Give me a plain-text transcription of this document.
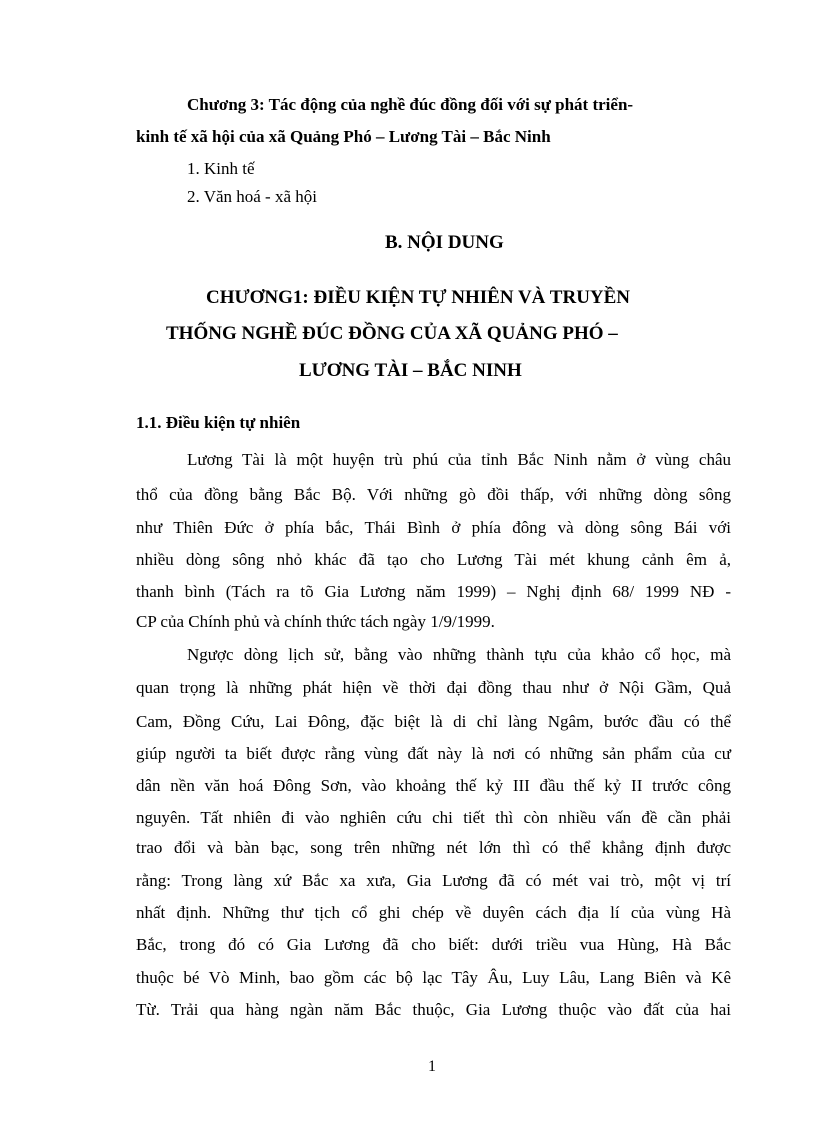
Chương 3: Tác động của nghề đúc đồng đối với sự phát triển-
kinh tế xã hội của xã Quảng Phó – Lương Tài – Bắc Ninh
1. Kinh tế
2. Văn hoá - xã hội
B. NỘI DUNG
CHƯƠNG1: ĐIỀU KIỆN TỰ NHIÊN VÀ TRUYỀN
THỐNG NGHỀ ĐÚC ĐỒNG CỦA XÃ QUẢNG PHÓ –
LƯƠNG TÀI – BẮC NINH
1.1. Điều kiện tự nhiên
Lương Tài là một huyện trù phú của tỉnh Bắc Ninh nằm ở vùng châu
thổ của đồng bằng Bắc Bộ. Với những gò đồi thấp, với những dòng sông
như Thiên Đức ở phía bắc, Thái Bình ở phía đông và dòng sông Bái với
nhiều dòng sông nhỏ khác đã tạo cho Lương Tài mét khung cảnh êm ả,
thanh bình (Tách ra tõ Gia Lương năm 1999) – Nghị định 68/ 1999 NĐ -
CP của Chính phủ và chính thức tách ngày 1/9/1999.
Ngược dòng lịch sử, bằng vào những thành tựu của khảo cổ học, mà
quan trọng là những phát hiện về thời đại đồng thau như ở Nội Gầm, Quả
Cam, Đồng Cứu, Lai Đông, đặc biệt là di chỉ làng Ngâm, bước đầu có thể
giúp người ta biết được rằng vùng đất này là nơi có những sản phẩm của cư
dân nền văn hoá Đông Sơn, vào khoảng thế kỷ III đầu thế kỷ II trước công
nguyên. Tất nhiên đi vào nghiên cứu chi tiết thì còn nhiều vấn đề cần phải
trao đổi và bàn bạc, song trên những nét lớn thì có thể khẳng định được
rằng: Trong làng xứ Bắc xa xưa, Gia Lương đã có mét vai trò, một vị trí
nhất định. Những thư tịch cổ ghi chép về duyên cách địa lí của vùng Hà
Bắc, trong đó có Gia Lương đã cho biết: dưới triều vua Hùng, Hà Bắc
thuộc bé Vò Minh, bao gồm các bộ lạc Tây Âu, Luy Lâu, Lang Biên và Kê
Từ. Trải qua hàng ngàn năm Bắc thuộc, Gia Lương thuộc vào đất của hai
1
